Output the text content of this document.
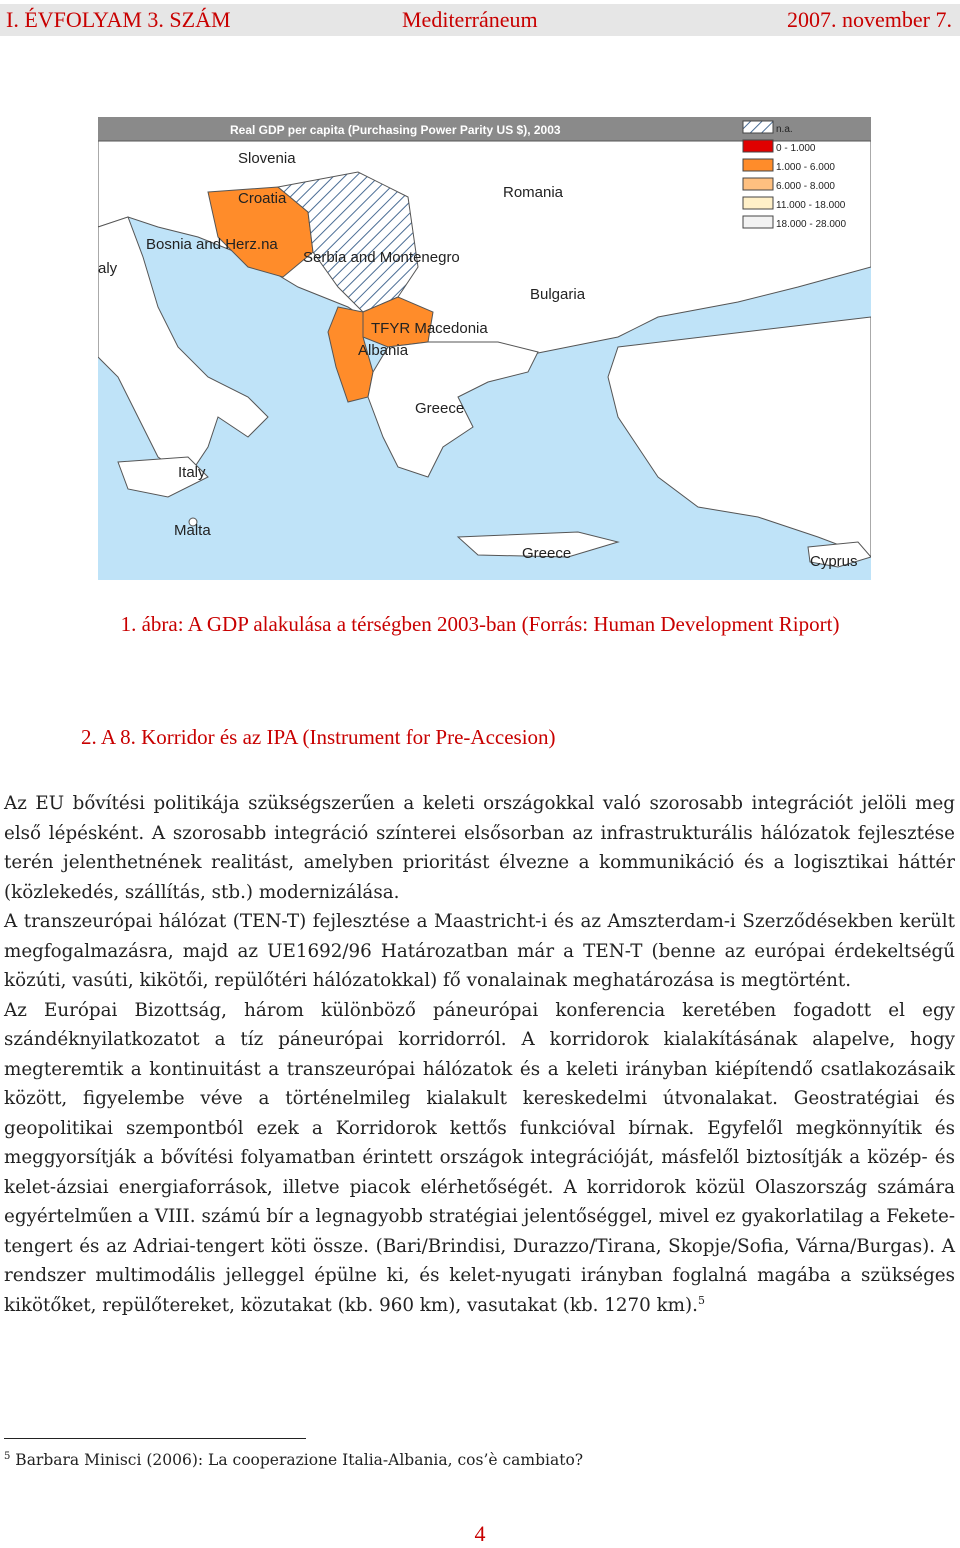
I. ÉVFOLYAM 3. SZÁM	Mediterráneum	2007. november 7.
Real GDP per capita (Purchasing Power Parity US $), 2003	n.a.
0 - 1.000
1.000 - 6.000
6.000 - 8.000
11.000 - 18.000
18.000 - 28.000
Slovenia
Croatia	Romania
Bosnia and Herz.na
Serbia and Montenegro
aly
Bulgaria
TFYR Macedonia
Albania
Greece
Italy
Malta
Greece	Cyprus
1. ábra: A GDP alakulása a térségben 2003-ban (Forrás: Human Development Riport)
2. A 8. Korridor és az IPA (Instrument for Pre-Accesion)

Az EU bővítési politikája szükségszerűen a keleti országokkal való szorosabb integrációt jelöli meg első lépésként. A szorosabb integráció színterei elsősorban az infrastrukturális hálózatok fejlesztése terén jelenthetnének realitást, amelyben prioritást élvezne a kommunikáció és a logisztikai háttér (közlekedés, szállítás, stb.) modernizálása.

A transzeurópai hálózat (TEN-T) fejlesztése a Maastricht-i és az Amszterdam-i Szerződésekben került megfogalmazásra, majd az UE1692/96 Határozatban már a TEN-T (benne az európai érdekeltségű közúti, vasúti, kikötői, repülőtéri hálózatokkal) fő vonalainak meghatározása is megtörtént.

Az Európai Bizottság, három különböző páneurópai konferencia keretében fogadott el egy szándéknyilatkozatot a tíz páneurópai korridorról. A korridorok kialakításának alapelve, hogy megteremtik a kontinuitást a transzeurópai hálózatok és a keleti irányban kiépítendő csatlakozásaik között, figyelembe véve a történelmileg kialakult kereskedelmi útvonalakat. Geostratégiai és geopolitikai szempontból ezek a Korridorok kettős funkcióval bírnak. Egyfelől megkönnyítik és meggyorsítják a bővítési folyamatban érintett országok integrációját, másfelől biztosítják a közép- és kelet-ázsiai energiaforrások, illetve piacok elérhetőségét. A korridorok közül Olaszország számára egyértelműen a VIII. számú bír a legnagyobb stratégiai jelentőséggel, mivel ez gyakorlatilag a Fekete-tengert és az Adriai-tengert köti össze. (Bari/Brindisi, Durazzo/Tirana, Skopje/Sofia, Várna/Burgas). A rendszer multimodális jelleggel épülne ki, és kelet-nyugati irányban foglalná magába a szükséges kikötőket, repülőtereket, közutakat (kb. 960 km), vasutakat (kb. 1270 km).$^5$

$^5$ Barbara Minisci (2006): La cooperazione Italia-Albania, cos’è cambiato?
4
